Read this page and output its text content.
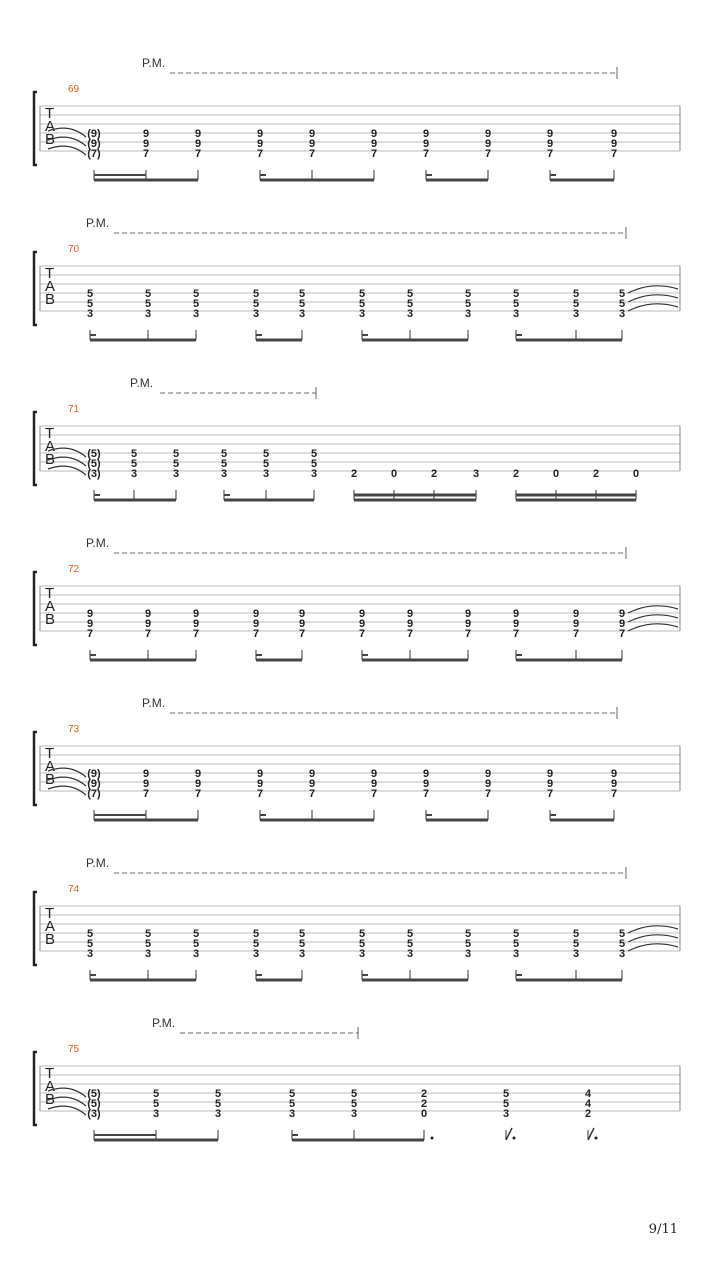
P.M.
69
T
A
B	(9)
(9)
(7)
9
9
7
9
9
7
9
9
7
9
9
7
9
9
7
9
9
7
9
9
7
9
9
7
9
9
7
P.M.
70
T
A
B	5
5
3
5
5
3
5
5
3
5
5
3
5
5
3
5
5
3
5
5
3
5
5
3
5
5
3
5
5
3
5
5
3
P.M.
71
T
A
B	(5)
(5)
(3)
5
5
3
5
5
3
5
5
3
5
5
3
5
5
3	2	0	2	3	2	0	2	0
P.M.
72
T
A
B	9
9
7
9
9
7
9
9
7
9
9
7
9
9
7
9
9
7
9
9
7
9
9
7
9
9
7
9
9
7
9
9
7
P.M.
73
T
A
B	(9)
(9)
(7)
9
9
7
9
9
7
9
9
7
9
9
7
9
9
7
9
9
7
9
9
7
9
9
7
9
9
7
P.M.
74
T
A
B	5
5
3
5
5
3
5
5
3
5
5
3
5
5
3
5
5
3
5
5
3
5
5
3
5
5
3
5
5
3
5
5
3
P.M.
75
T
A
B	(5)
(5)
(3)
5
5
3
5
5
3
5
5
3
5
5
3
2
2
0
5
5
3
4
4
2
9/11
